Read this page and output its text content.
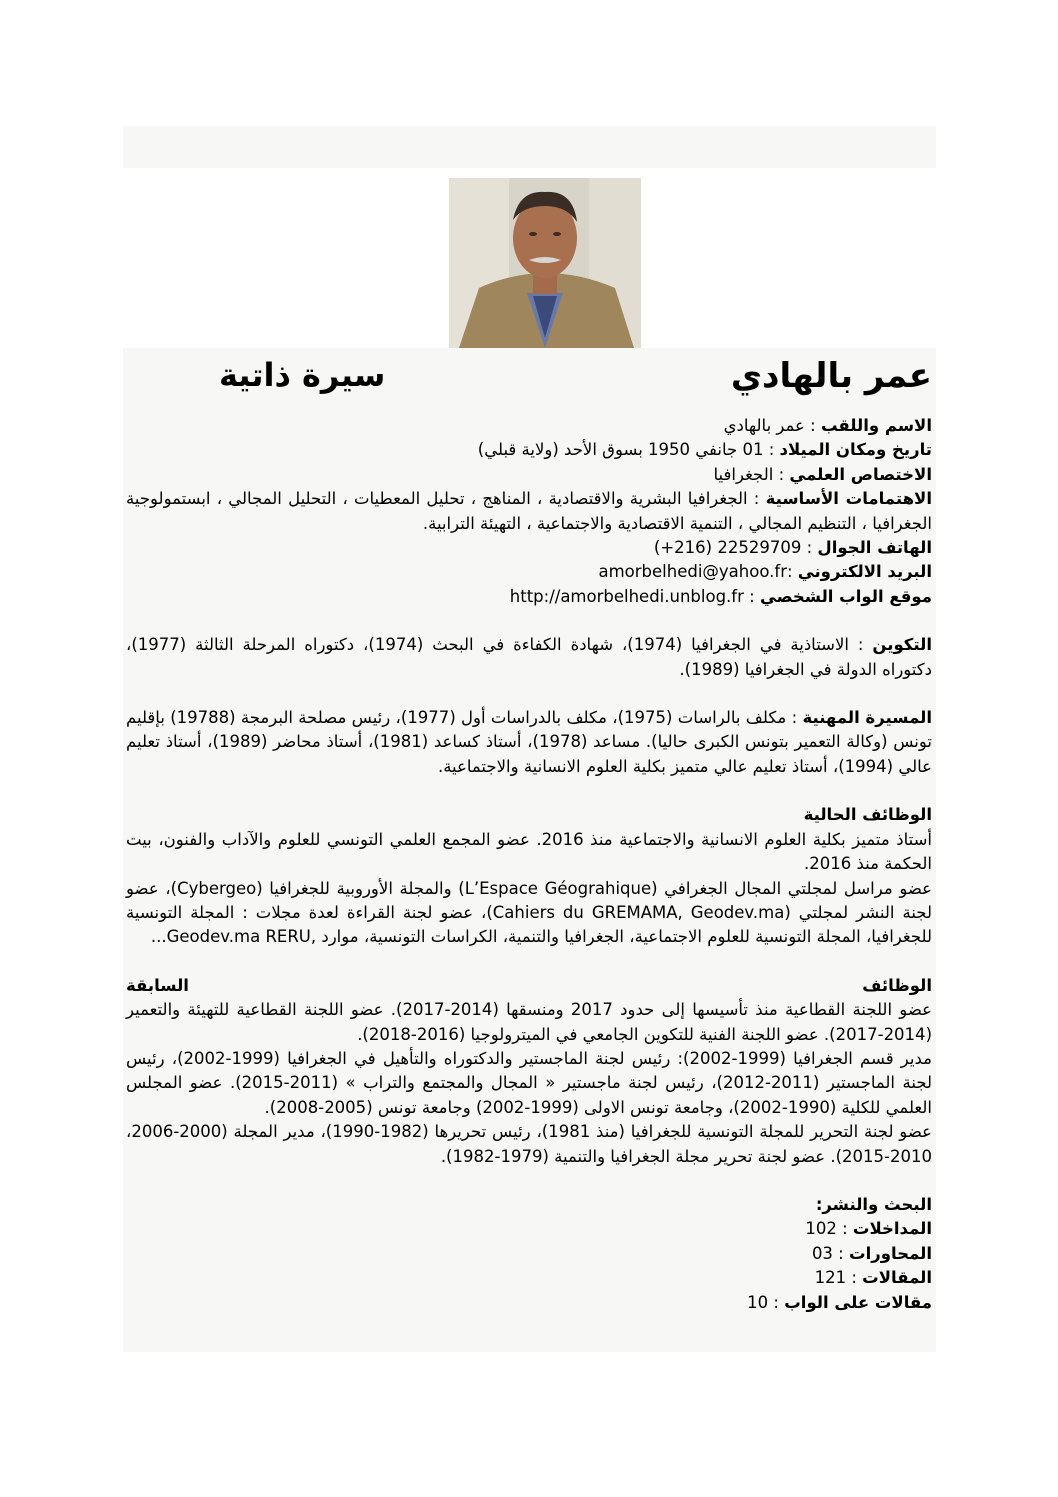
عمر بالهادي
سيرة ذاتية

الاسم واللقب : عمر بالهادي

تاريخ ومكان الميلاد : 01 جانفي 1950 بسوق الأحد (ولاية قبلي)

الاختصاص العلمي : الجغرافيا

الاهتمامات الأساسية : الجغرافيا البشرية والاقتصادية ، المناهج ، تحليل المعطيات ، التحليل المجالي ، ابستمولوجية الجغرافيا ، التنظيم المجالي ، التنمية الاقتصادية والاجتماعية ، التهيئة الترابية.

الهاتف الجوال : 22529709 (216+)

البريد الالكتروني :amorbelhedi@yahoo.fr

موقع الواب الشخصي : http://amorbelhedi.unblog.fr

التكوين : الاستاذية في الجغرافيا (1974)، شهادة الكفاءة في البحث (1974)، دكتوراه المرحلة الثالثة (1977)، دكتوراه الدولة في الجغرافيا (1989).

المسيرة المهنية : مكلف بالراسات (1975)، مكلف بالدراسات أول (1977)، رئيس مصلحة البرمجة (19788) بإقليم تونس (وكالة التعمير بتونس الكبرى حاليا). مساعد (1978)، أستاذ كساعد (1981)، أستاذ محاضر (1989)، أستاذ تعليم عالي (1994)، أستاذ تعليم عالي متميز بكلية العلوم الانسانية والاجتماعية.

الوظائف الحالية

أستاذ متميز بكلية العلوم الانسانية والاجتماعية منذ 2016. عضو المجمع العلمي التونسي للعلوم والآداب والفنون، بيت الحكمة منذ 2016.

عضو مراسل لمجلتي المجال الجغرافي (L’Espace Géograhique) والمجلة الأوروبية للجغرافيا (Cybergeo)، عضو لجنة النشر لمجلتي (Cahiers du GREMAMA, Geodev.ma)، عضو لجنة القراءة لعدة مجلات : المجلة التونسية للجغرافيا، المجلة التونسية للعلوم الاجتماعية، الجغرافيا والتنمية، الكراسات التونسية، موارد ,Geodev.ma RERU...

الوظائف
السابقة

عضو اللجنة القطاعية منذ تأسيسها إلى حدود 2017 ومنسقها (2014-2017). عضو اللجنة القطاعية للتهيئة والتعمير (2014-2017). عضو اللجنة الفنية للتكوين الجامعي في الميترولوجيا (2016-2018).

مدير قسم الجغرافيا (1999-2002): رئيس لجنة الماجستير والدكتوراه والتأهيل في الجغرافيا (1999-2002)، رئيس لجنة الماجستير (2011-2012)، رئيس لجنة ماجستير « المجال والمجتمع والتراب » (2011-2015). عضو المجلس العلمي للكلية (1990-2002)، وجامعة تونس الاولى (1999-2002) وجامعة تونس (2005-2008).

عضو لجنة التحرير للمجلة التونسية للجغرافيا (منذ 1981)، رئيس تحريرها (1982-1990)، مدير المجلة (2000-2006، 2010-2015). عضو لجنة تحرير مجلة الجغرافيا والتنمية (1979-1982).

البحث والنشر:

المداخلات : 102

المحاورات : 03

المقالات : 121

مقالات على الواب : 10
